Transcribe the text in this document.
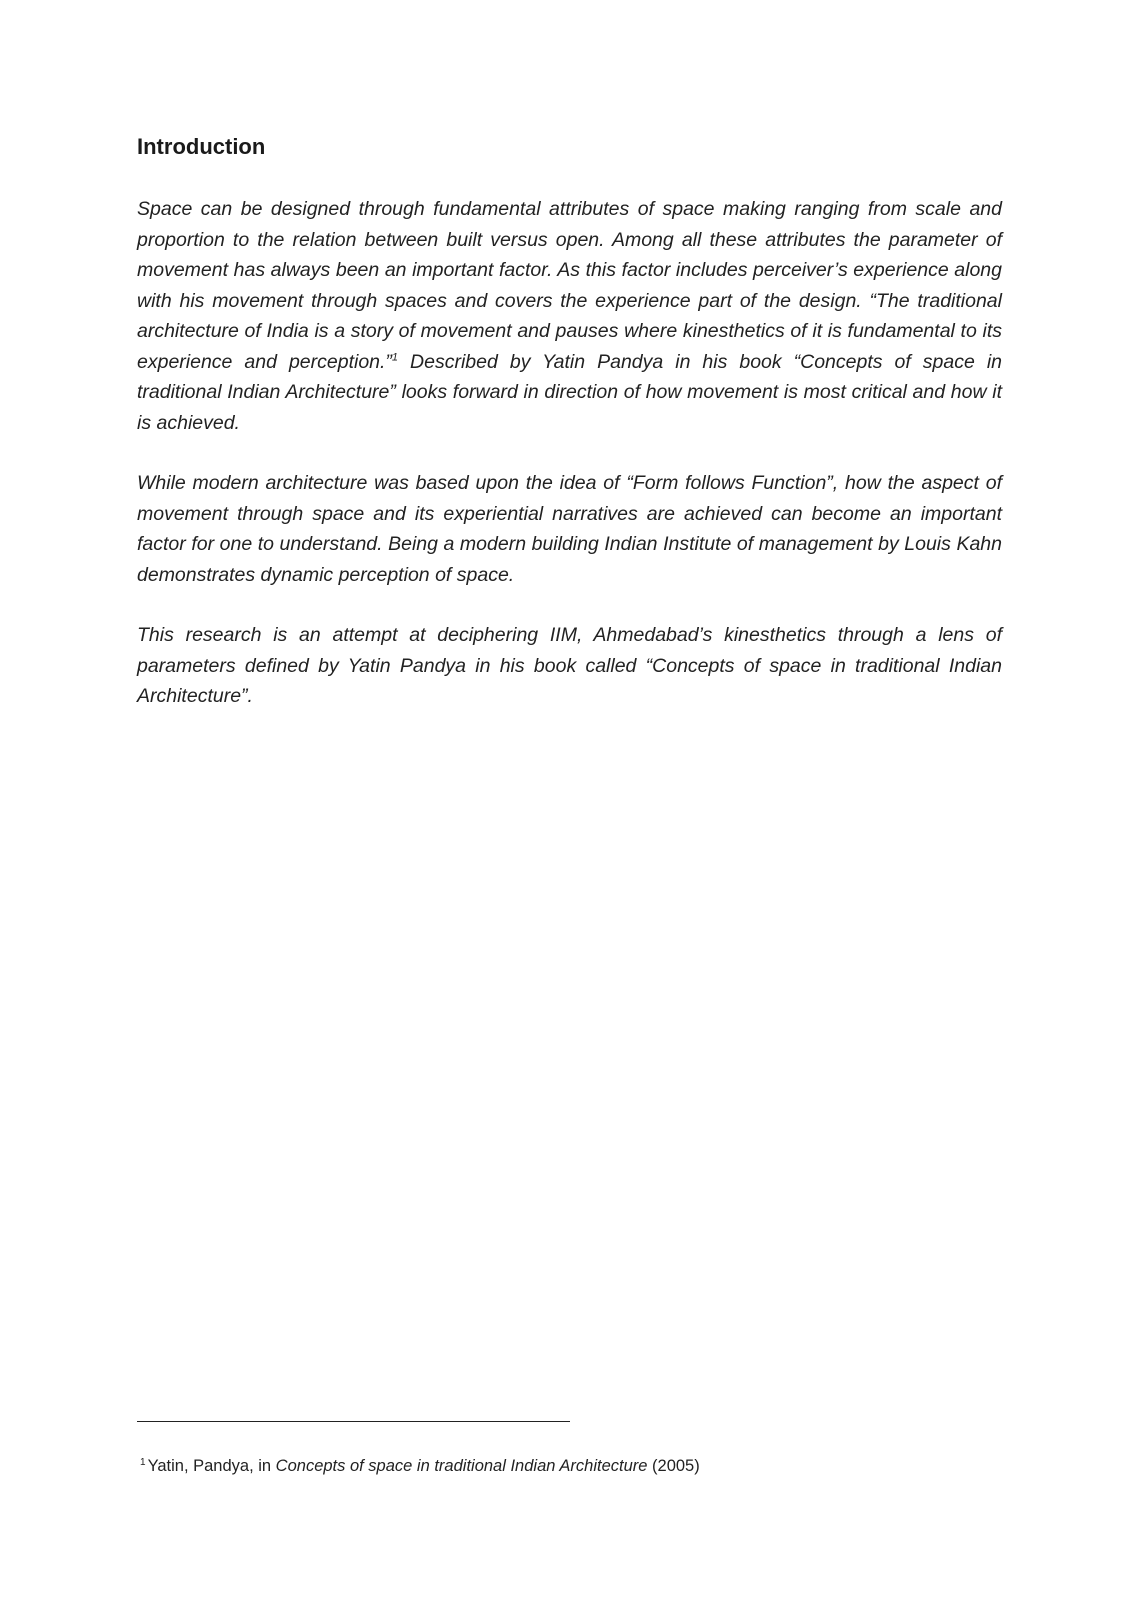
Introduction

Space can be designed through fundamental attributes of space making ranging from scale and proportion to the relation between built versus open. Among all these attributes the parameter of movement has always been an important factor. As this factor includes perceiver’s experience along with his movement through spaces and covers the experience part of the design. “The traditional architecture of India is a story of movement and pauses where kinesthetics of it is fundamental to its experience and perception.”$^1$ Described by Yatin Pandya in his book “Concepts of space in traditional Indian Architecture” looks forward in direction of how movement is most critical and how it is achieved.

While modern architecture was based upon the idea of “Form follows Function”, how the aspect of movement through space and its experiential narratives are achieved can become an important factor for one to understand. Being a modern building Indian Institute of management by Louis Kahn demonstrates dynamic perception of space.

This research is an attempt at deciphering IIM, Ahmedabad’s kinesthetics through a lens of parameters defined by Yatin Pandya in his book called “Concepts of space in traditional Indian Architecture”.

$^1$ Yatin, Pandya, in Concepts of space in traditional Indian Architecture (2005)
